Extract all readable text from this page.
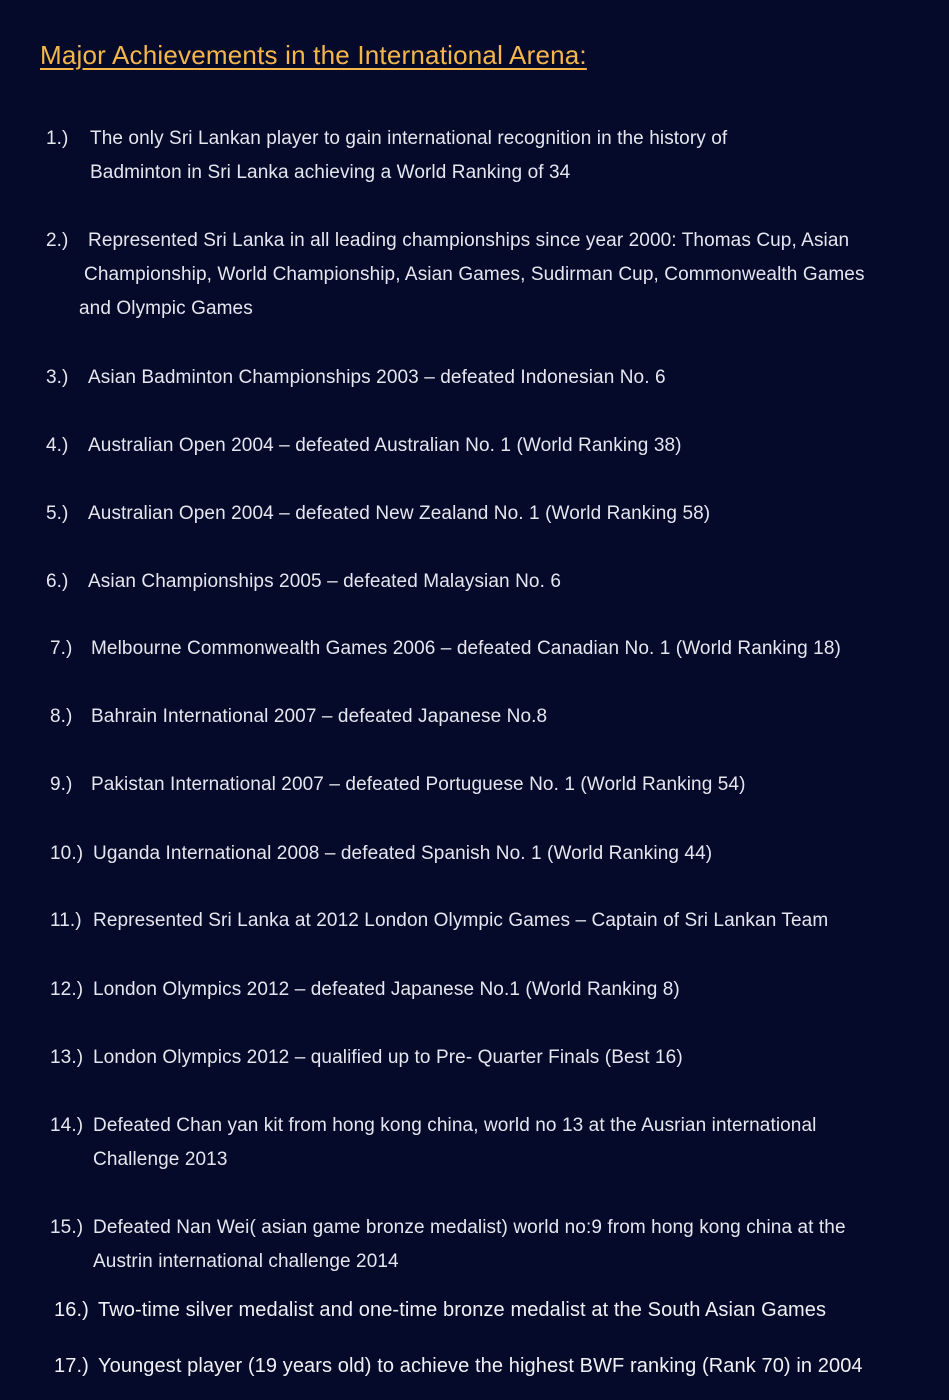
Major Achievements in the International Arena:
1.) The only Sri Lankan player to gain international recognition in the history of
Badminton in Sri Lanka achieving a World Ranking of 34
2.) Represented Sri Lanka in all leading championships since year 2000: Thomas Cup, Asian
Championship, World Championship, Asian Games, Sudirman Cup, Commonwealth Games
and Olympic Games
3.) Asian Badminton Championships 2003 – defeated Indonesian No. 6
4.) Australian Open 2004 – defeated Australian No. 1 (World Ranking 38)
5.) Australian Open 2004 – defeated New Zealand No. 1 (World Ranking 58)
6.) Asian Championships 2005 – defeated Malaysian No. 6
7.) Melbourne Commonwealth Games 2006 – defeated Canadian No. 1 (World Ranking 18)
8.) Bahrain International 2007 – defeated Japanese No.8
9.) Pakistan International 2007 – defeated Portuguese No. 1 (World Ranking 54)
10.) Uganda International 2008 – defeated Spanish No. 1 (World Ranking 44)
11.) Represented Sri Lanka at 2012 London Olympic Games – Captain of Sri Lankan Team
12.) London Olympics 2012 – defeated Japanese No.1 (World Ranking 8)
13.) London Olympics 2012 – qualified up to Pre- Quarter Finals (Best 16)
14.) Defeated Chan yan kit from hong kong china, world no 13 at the Ausrian international
Challenge 2013
15.) Defeated Nan Wei( asian game bronze medalist) world no:9 from hong kong china at the
Austrin international challenge 2014
16.) Two-time silver medalist and one-time bronze medalist at the South Asian Games
17.) Youngest player (19 years old) to achieve the highest BWF ranking (Rank 70) in 2004
